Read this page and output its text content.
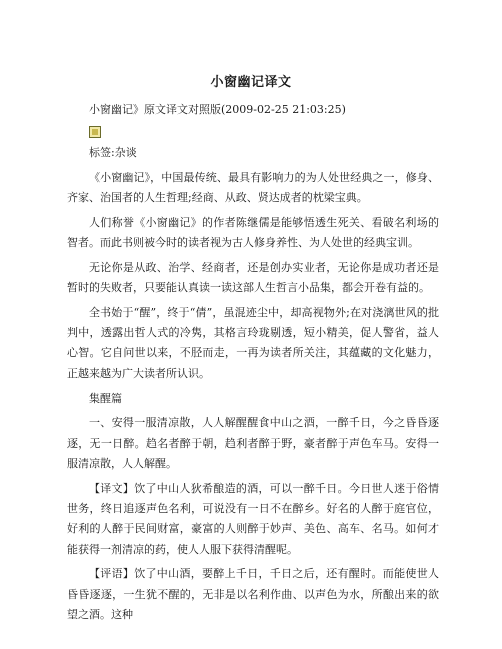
小窗幽记译文

小窗幽记》原文译文对照版(2009-02-25 21:03:25)

标签:杂谈

《小窗幽记》，中国最传统、最具有影响力的为人处世经典之一，修身、齐家、治国者的人生哲理;经商、从政、贤达成者的枕梁宝典。

人们称誉《小窗幽记》的作者陈继儒是能够悟透生死关、看破名利场的智者。而此书则被今时的读者视为古人修身养性、为人处世的经典宝训。

无论你是从政、治学、经商者，还是创办实业者，无论你是成功者还是暂时的失败者，只要能认真读一读这部人生哲言小品集，都会开卷有益的。

全书始于“醒”，终于“倩”，虽混迹尘中，却高视物外;在对浇漓世风的批判中，透露出哲人式的冷隽，其格言玲珑剔透，短小精美，促人警省，益人心智。它自问世以来，不胫而走，一再为读者所关注，其蕴藏的文化魅力，正越来越为广大读者所认识。

集醒篇

一、安得一服清凉散，人人解醒醒食中山之酒，一醉千日，今之昏昏逐逐，无一日醉。趋名者醉于朝，趋利者醉于野，豪者醉于声色车马。安得一服清凉散，人人解醒。

【译文】饮了中山人狄希酿造的酒，可以一醉千日。今日世人迷于俗情世务，终日追逐声色名利，可说没有一日不在醉乡。好名的人醉于庭官位，好利的人醉于民间财富，豪富的人则醉于妙声、美色、高车、名马。如何才能获得一剂清凉的药，使人人服下获得清醒呢。

【评语】饮了中山酒，要醉上千日，千日之后，还有醒时。而能使世人昏昏逐逐，一生犹不醒的，无非是以名利作曲、以声色为水，所酿出来的欲望之酒。这种
